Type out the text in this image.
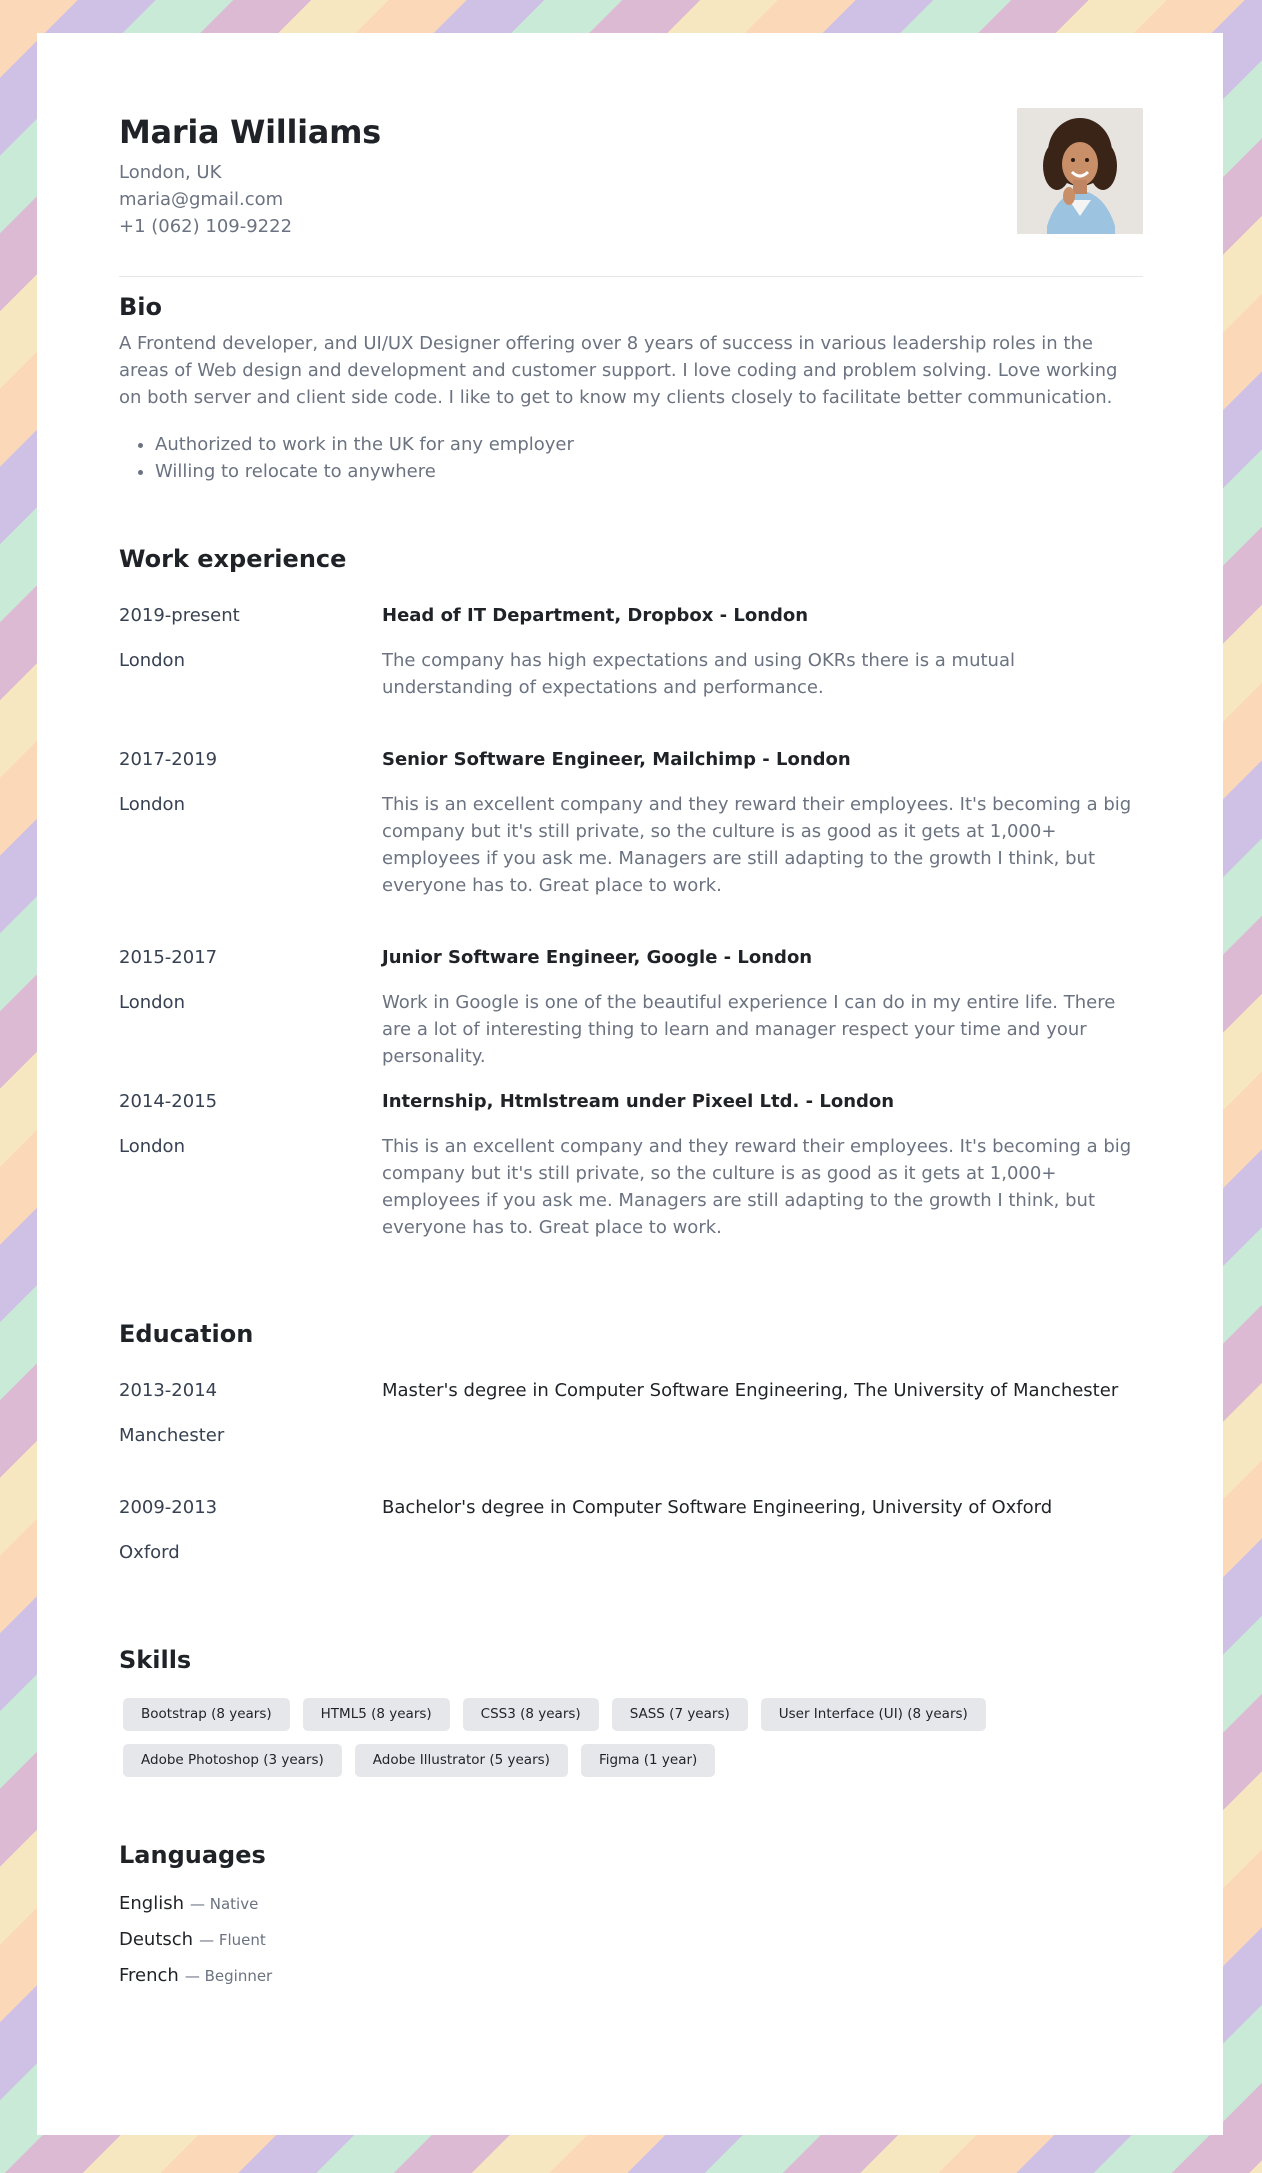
Maria Williams
London, UK
maria@gmail.com
+1 (062) 109-9222
Bio

A Frontend developer, and UI/UX Designer offering over 8 years of success in various leadership roles in the areas of Web design and development and customer support. I love coding and problem solving. Love working on both server and client side code. I like to get to know my clients closely to facilitate better communication.

• Authorized to work in the UK for any employer
• Willing to relocate to anywhere
Work experience
2019-present	Head of IT Department, Dropbox - London
London	The company has high expectations and using OKRs there is a mutual understanding of expectations and performance.

2017-2019	Senior Software Engineer, Mailchimp - London
London	This is an excellent company and they reward their employees. It's becoming a big company but it's still private, so the culture is as good as it gets at 1,000+ employees if you ask me. Managers are still adapting to the growth I think, but everyone has to. Great place to work.

2015-2017	Junior Software Engineer, Google - London
London	Work in Google is one of the beautiful experience I can do in my entire life. There are a lot of interesting thing to learn and manager respect your time and your personality.

2014-2015	Internship, Htmlstream under Pixeel Ltd. - London
London	This is an excellent company and they reward their employees. It's becoming a big company but it's still private, so the culture is as good as it gets at 1,000+ employees if you ask me. Managers are still adapting to the growth I think, but everyone has to. Great place to work.

Education
2013-2014	Master's degree in Computer Software Engineering, The University of Manchester
Manchester
2009-2013	Bachelor's degree in Computer Software Engineering, University of Oxford
Oxford
Skills
Bootstrap (8 years)	HTML5 (8 years)	CSS3 (8 years)	SASS (7 years)	User Interface (UI) (8 years)
Adobe Photoshop (3 years)	Adobe Illustrator (5 years)	Figma (1 year)
Languages
English — Native
Deutsch — Fluent
French — Beginner
